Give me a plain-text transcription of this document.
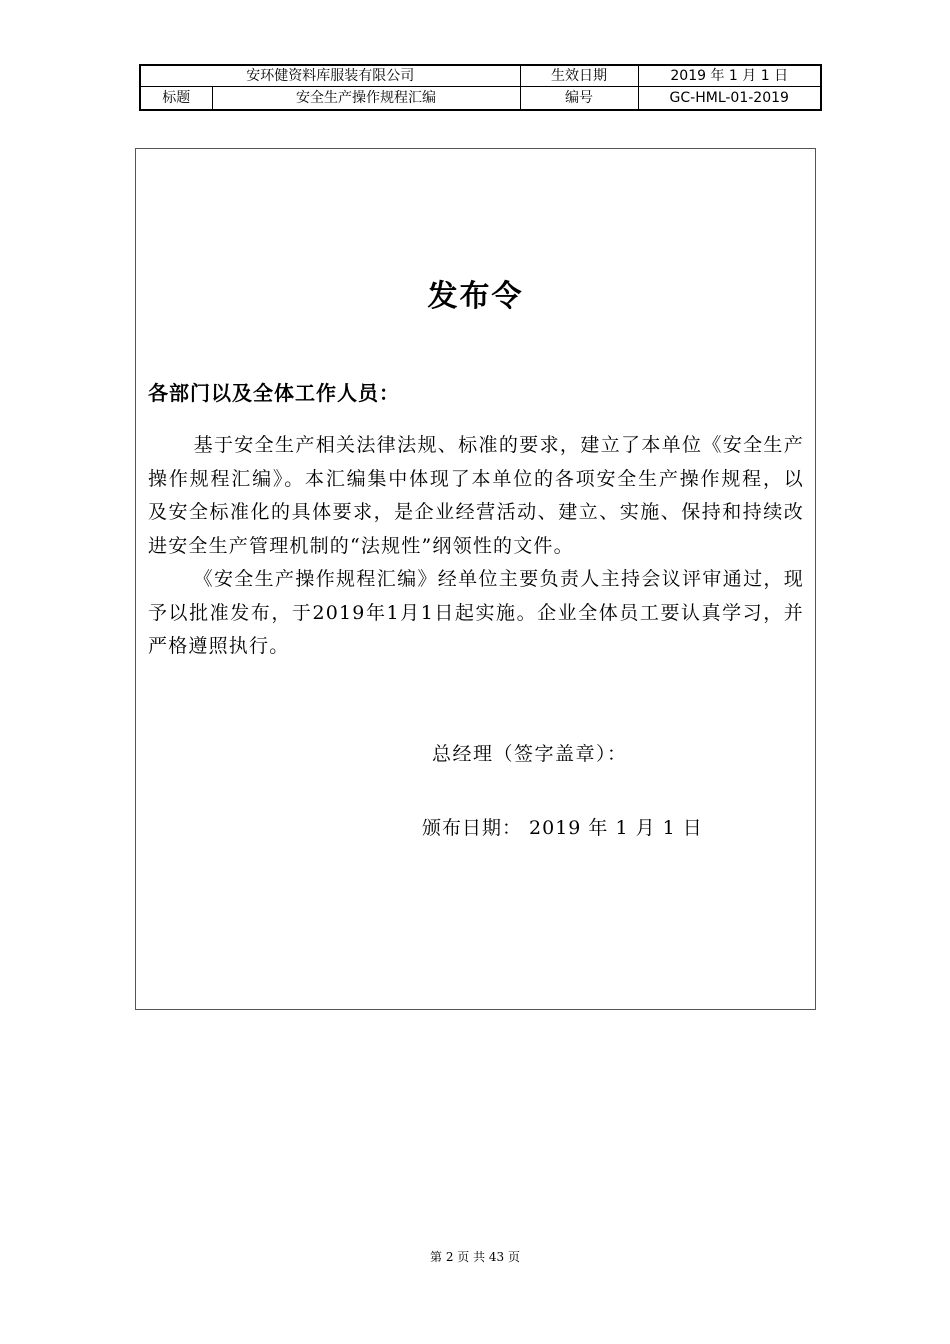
安环健资料库服装有限公司		生效日期	2019 年 1 月 1 日
标题	安全生产操作规程汇编	编号	GC-HML-01-2019
发布令
各部门以及全体工作人员：

基于安全生产相关法律法规、标准的要求，建立了本单位《安全生产操作规程汇编》。本汇编集中体现了本单位的各项安全生产操作规程，以及安全标准化的具体要求，是企业经营活动、建立、实施、保持和持续改进安全生产管理机制的“法规性”纲领性的文件。

《安全生产操作规程汇编》经单位主要负责人主持会议评审通过，现予以批准发布，于2019年1月1日起实施。企业全体员工要认真学习，并严格遵照执行。

总经理（签字盖章）：
颁布日期： 2019 年 1 月 1 日
第 2 页 共 43 页
